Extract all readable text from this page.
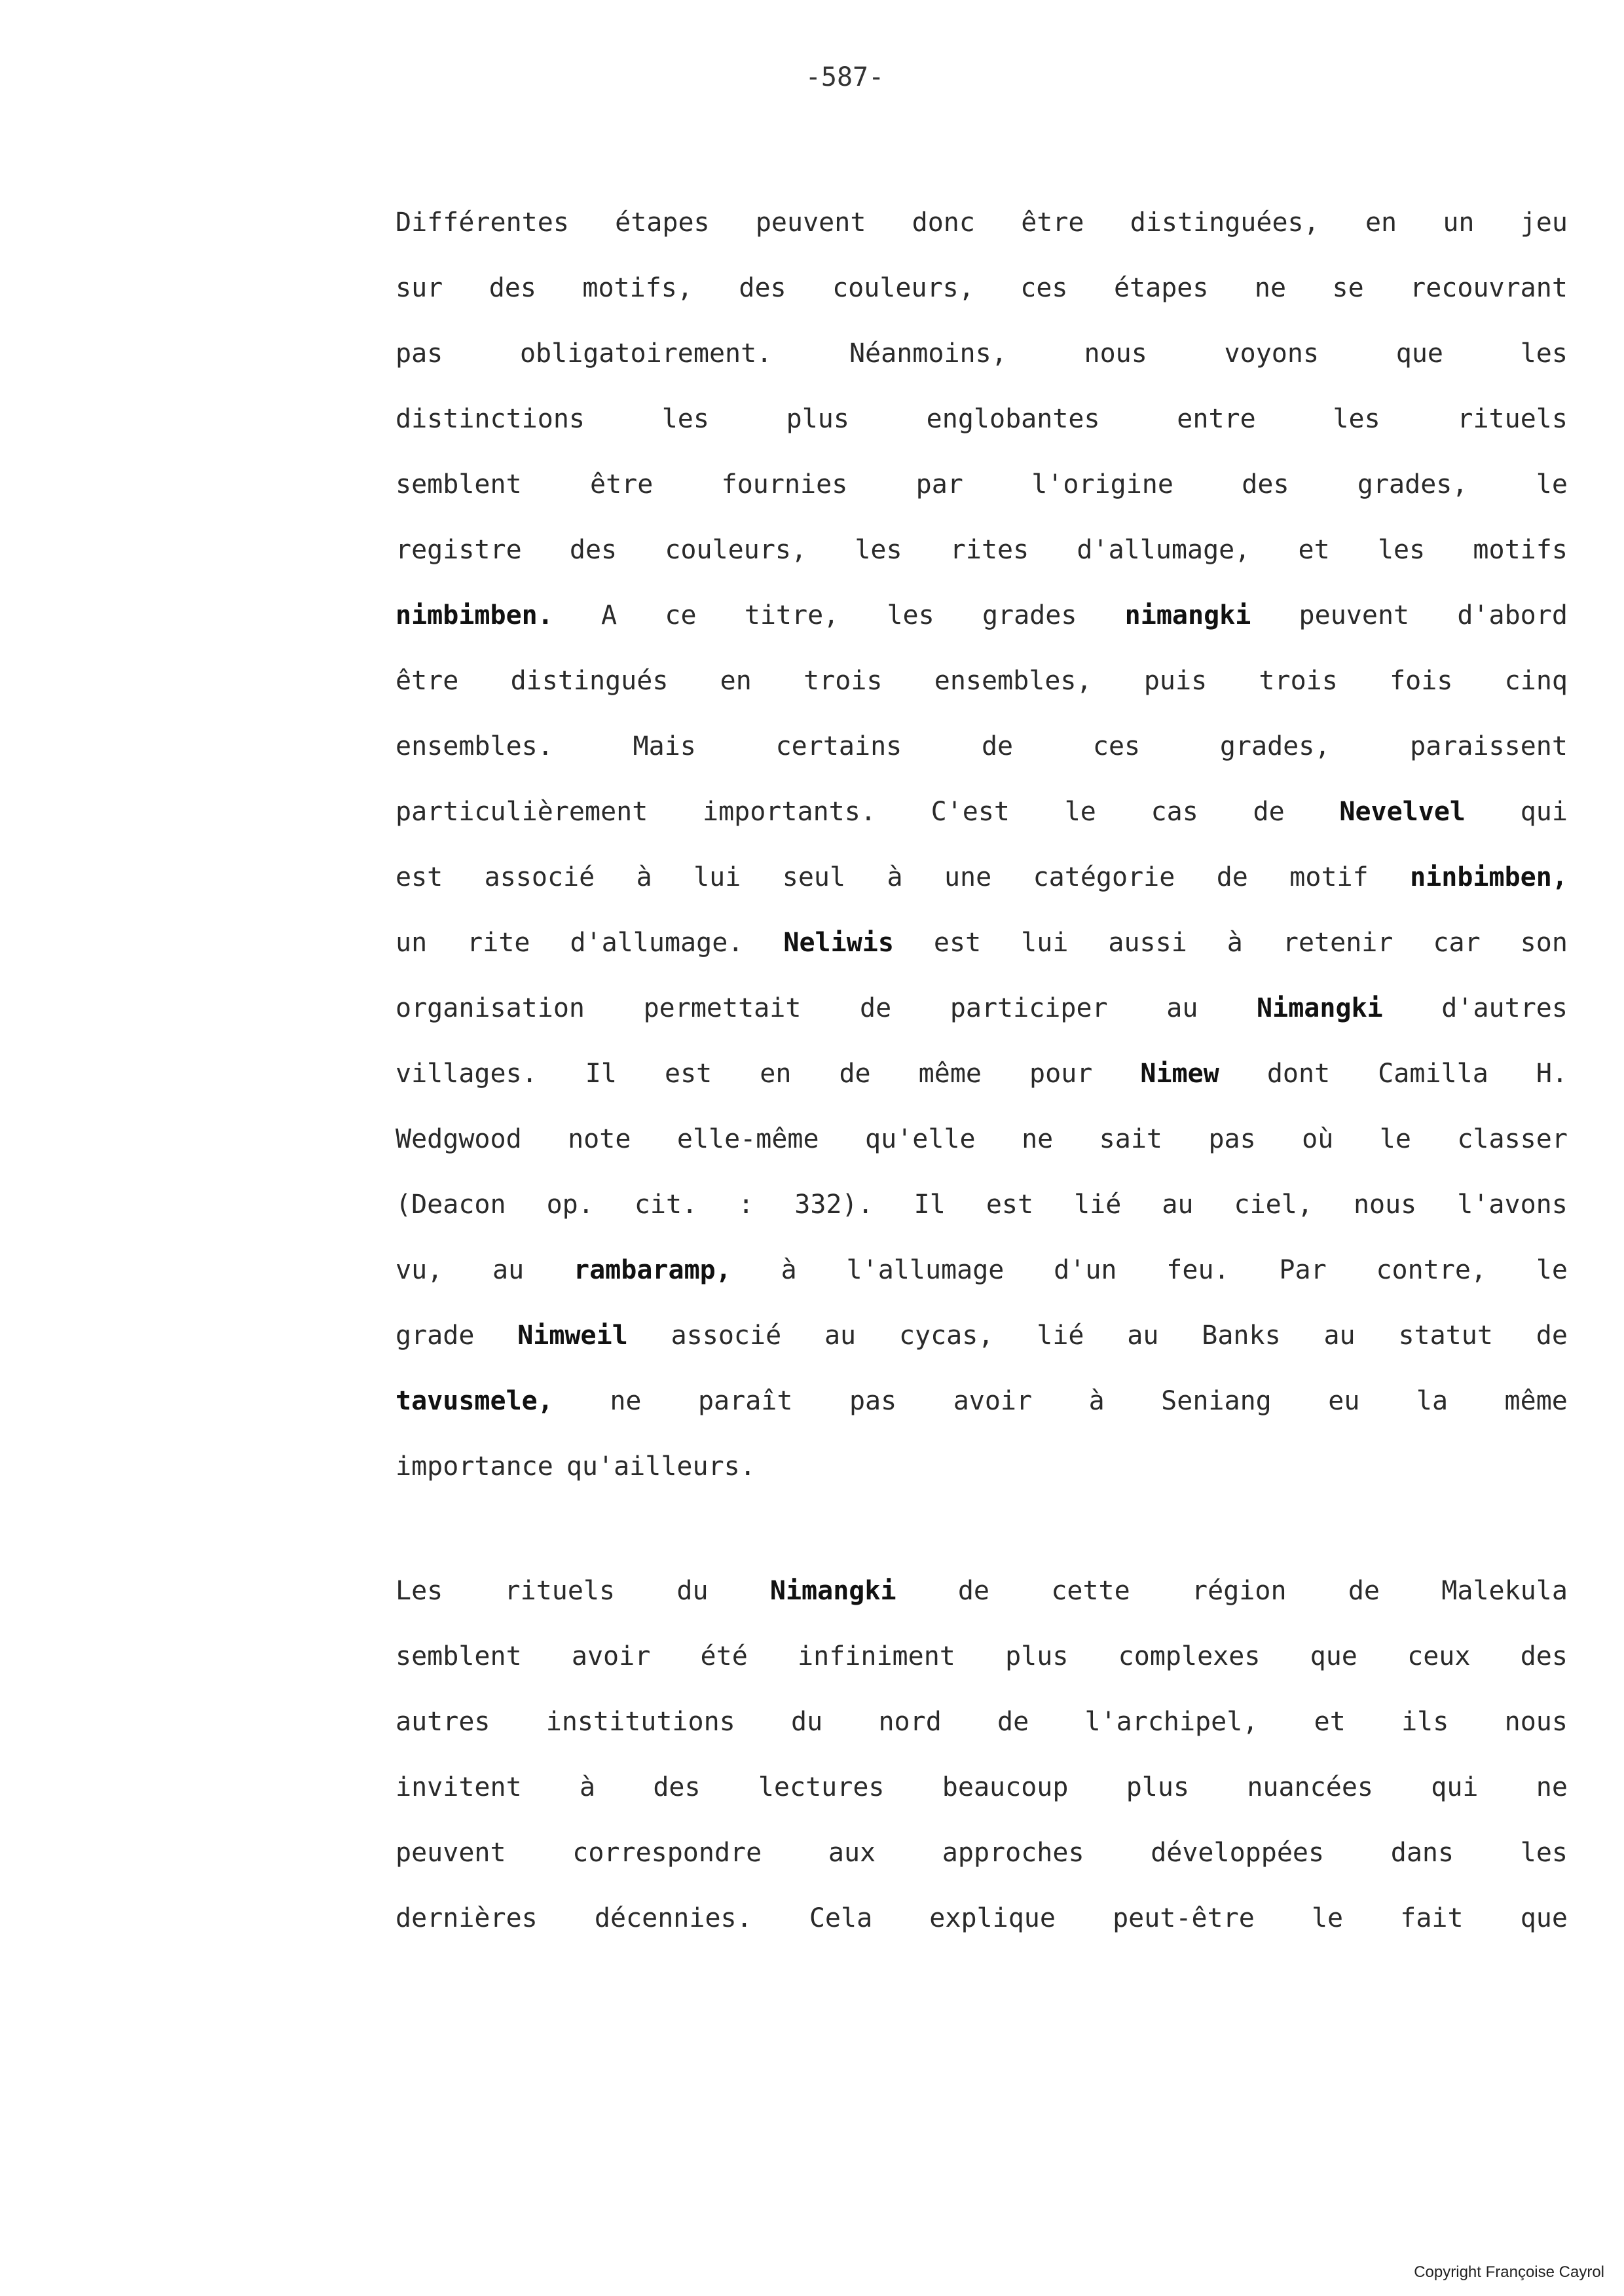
-587-
Différentes étapes peuvent donc être distinguées, en un jeu
sur des motifs, des couleurs, ces étapes ne se recouvrant
pas	obligatoirement.	Néanmoins,	nous	voyons	que	les
distinctions	les	plus	englobantes	entre	les	rituels
semblent	être	fournies	par	l'origine	des	grades,	le
registre des couleurs, les rites d'allumage, et les motifs
nimbimben. A ce titre, les grades nimangki peuvent d'abord
être distingués en trois ensembles, puis trois fois cinq
ensembles.	Mais	certains	de	ces	grades,	paraissent
particulièrement importants. C'est le cas de Nevelvel qui
est associé à lui seul à une catégorie de motif ninbimben,
un rite d'allumage. Neliwis est lui aussi à retenir car son
organisation permettait de participer au Nimangki d'autres
villages. Il est en de même pour Nimew dont Camilla H.
Wedgwood note elle-même qu'elle ne sait pas où le classer
(Deacon op. cit. : 332). Il est lié au ciel, nous l'avons
vu, au rambaramp, à l'allumage d'un feu. Par contre, le
grade Nimweil associé au cycas, lié au Banks au statut de
tavusmele, ne paraît pas avoir à Seniang eu la même
importance qu'ailleurs.
Les rituels du Nimangki de cette région de Malekula
semblent avoir été infiniment plus complexes que ceux des
autres institutions du nord de l'archipel, et ils nous
invitent à des lectures beaucoup plus nuancées qui ne
peuvent	correspondre	aux	approches	développées	dans	les
dernières décennies. Cela explique peut-être le fait que
Copyright Françoise Cayrol
